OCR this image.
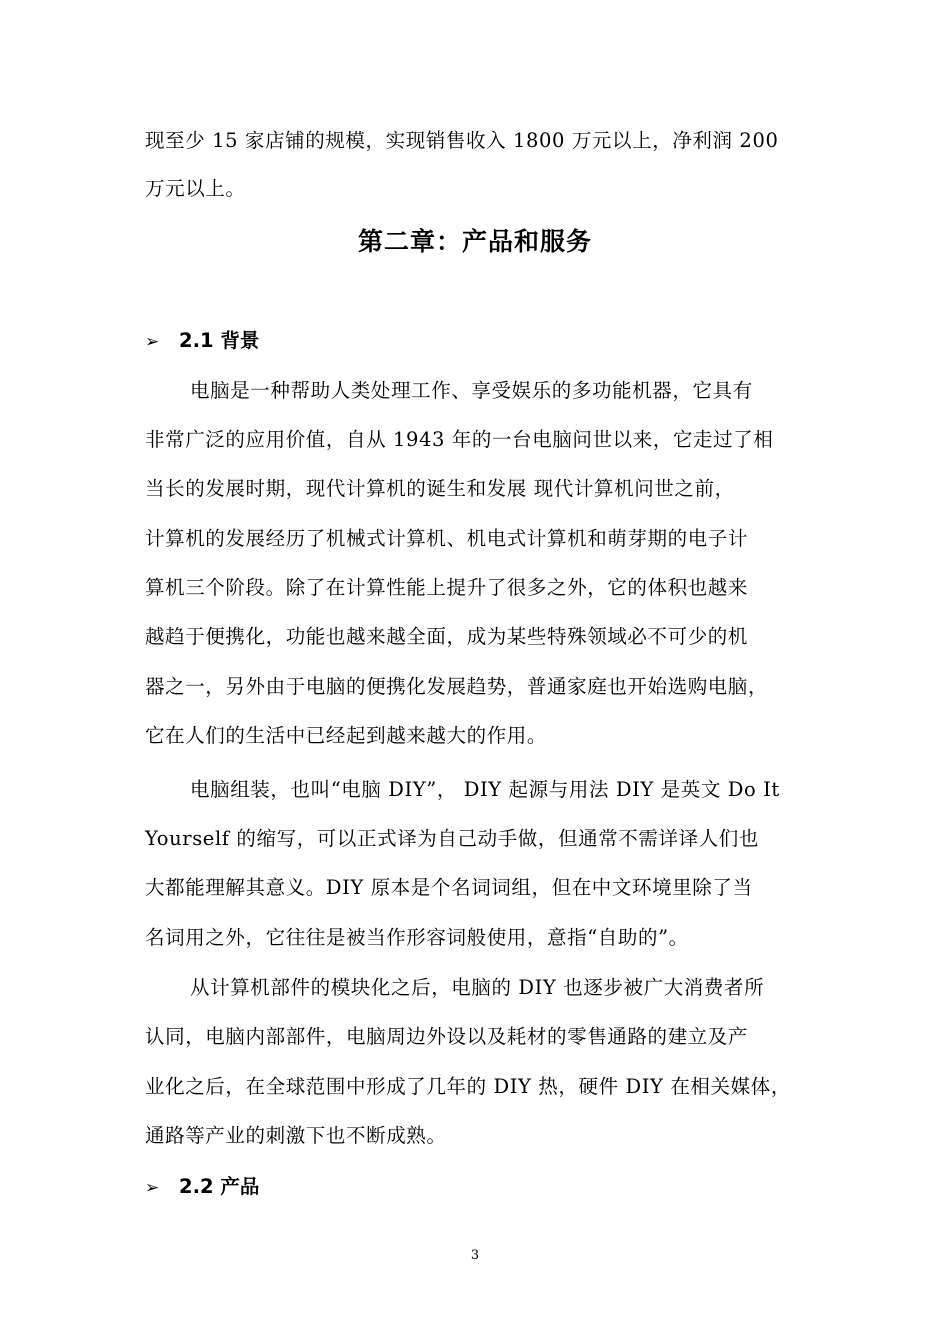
现至少 15 家店铺的规模，实现销售收入 1800 万元以上，净利润 200
万元以上。
第二章：产品和服务
➢ 2.1 背景
电脑是一种帮助人类处理工作、享受娱乐的多功能机器，它具有
非常广泛的应用价值，自从 1943 年的一台电脑问世以来，它走过了相
当长的发展时期，现代计算机的诞生和发展 现代计算机问世之前，
计算机的发展经历了机械式计算机、机电式计算机和萌芽期的电子计
算机三个阶段。除了在计算性能上提升了很多之外，它的体积也越来
越趋于便携化，功能也越来越全面，成为某些特殊领域必不可少的机
器之一，另外由于电脑的便携化发展趋势，普通家庭也开始选购电脑，
它在人们的生活中已经起到越来越大的作用。
电脑组装，也叫“电脑 DIY”， DIY 起源与用法 DIY 是英文 Do It
Yourself 的缩写，可以正式译为自己动手做，但通常不需详译人们也
大都能理解其意义。DIY 原本是个名词词组，但在中文环境里除了当
名词用之外，它往往是被当作形容词般使用，意指“自助的”。
从计算机部件的模块化之后，电脑的 DIY 也逐步被广大消费者所
认同，电脑内部部件，电脑周边外设以及耗材的零售通路的建立及产
业化之后，在全球范围中形成了几年的 DIY 热，硬件 DIY 在相关媒体，
通路等产业的刺激下也不断成熟。
➢ 2.2 产品
3
